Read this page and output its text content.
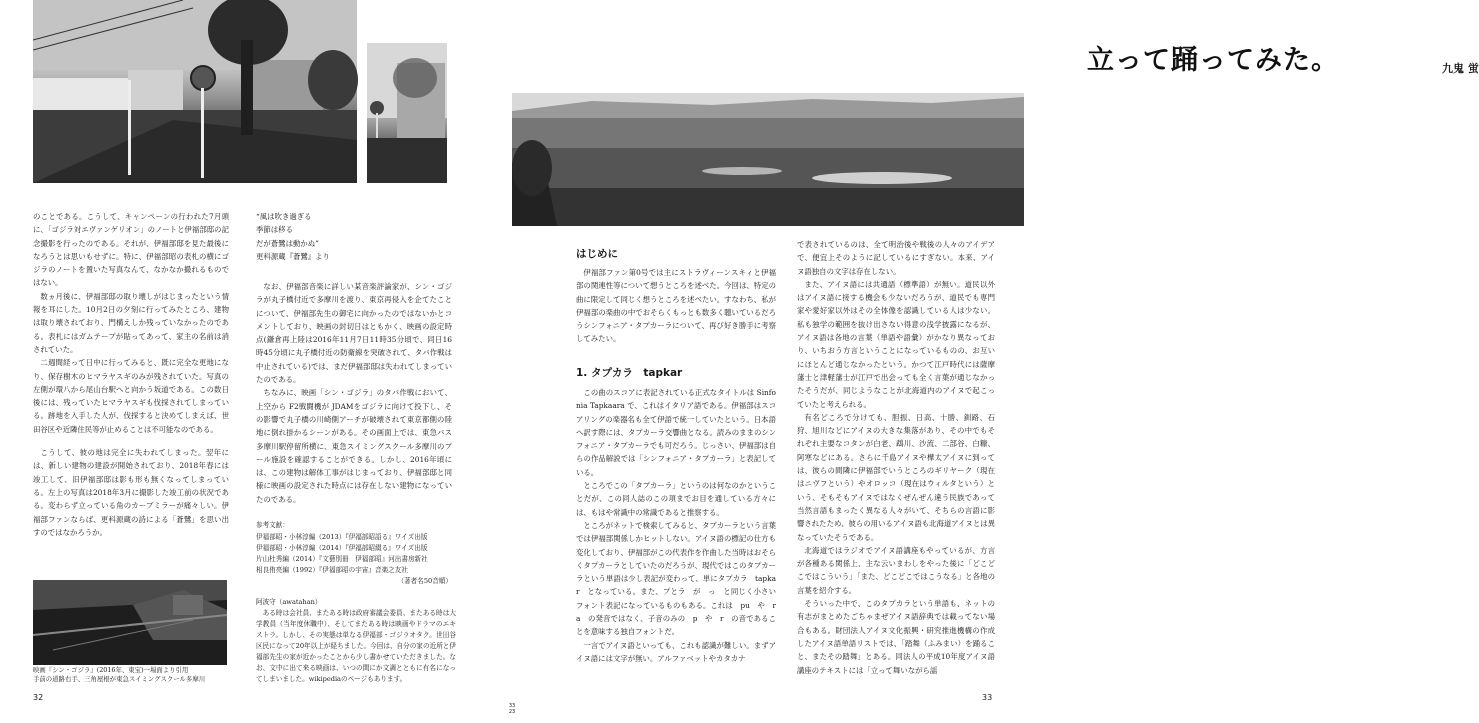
のことである。こうして、キャンペーンの行われた7月頭に、「ゴジラ対エヴァンゲリオン」のノートと伊福部邸の記念撮影を行ったのである。それが、伊福部邸を見た最後になろうとは思いもせずに。特に、伊福部昭の表札の横にゴジラのノートを置いた写真なんて、なかなか撮れるものではない。

数ヵ月後に、伊福部邸の取り壊しがはじまったという情報を耳にした。10月2日の夕刻に行ってみたところ、建物は取り壊されており、門構えしか残っていなかったのである。表札にはガムテープが貼ってあって、家主の名前は消されていた。

二週間経って日中に行ってみると、既に完全な更地になり、保存樹木のヒマラヤスギのみが残されていた。写真の左側が環八から尾山台駅へと向かう坂道である。この数日後には、残っていたヒマラヤスギも伐採されてしまっている。跡地を入手した人が、伐採すると決めてしまえば、世田谷区や近隣住民等が止めることは不可能なのである。

こうして、彼の地は完全に失われてしまった。翌年には、新しい建物の建設が開始されており、2018年春には竣工して、旧伊福部邸は影も形も無くなってしまっている。左上の写真は2018年3月に撮影した竣工前の状況である。変わらず立っている角のカーブミラーが痛々しい。伊福部ファンならば、更科源蔵の詩による「蒼鷺」を思い出すのではなかろうか。

“風は吹き過ぎる
季節は移る
だが蒼鷺は動かぬ”
更科源蔵『蒼鷺』より

なお、伊福部音楽に詳しい某音楽評論家が、シン・ゴジラが丸子橋付近で多摩川を渡り、東京再侵入を企てたことについて、伊福部先生の御宅に向かったのではないかとコメントしており、映画の封切日はともかく、映画の設定時点(鎌倉再上陸は2016年11月7日11時35分頃で、同日16時45分頃に丸子橋付近の防衛線を突破されて、タバ作戦は中止されている)では、まだ伊福部邸は失われてしまっていたのである。

ちなみに、映画「シン・ゴジラ」のタバ作戦において、上空から F2戦闘機が JDAMをゴジラに向けて投下し、その影響で丸子橋の川崎側アーチが破壊されて東京都側の陸地に倒れ掛かるシーンがある。その画面上では、東急バス多摩川駅停留所横に、東急スイミングスクール多摩川のプール施設を確認することができる。しかし、2016年頃には、この建物は解体工事がはじまっており、伊福部邸と同様に映画の設定された時点には存在しない建物になっていたのである。

参考文献：
伊福部昭・小林淳編（2013）『伊福部昭語る』ワイズ出版
伊福部昭・小林淳編（2014）『伊福部昭綴る』ワイズ出版
片山杜秀編（2014）『文藝別冊　伊福部昭』河出書房新社
相良侑亮編（1992）『伊福部昭の宇宙』音楽之友社
（著者名50音順）
阿波守（awatahan）

ある時は会社員、またある時は政府審議会委員、またある時は大学教員（当年度休職中）、そしてまたある時は映画やドラマのエキストラ。しかし、その実態は単なる伊福部・ゴジラオタク。世田谷区民になって20年以上が経ちました。今回は、自分の家の近所と伊福部先生の家が近かったことから少し書かせていただきました。なお、文中に出て来る映画は、いつの間にか文調とともに有名になってしまいました。wikipediaのページもあります。

映画『シン・ゴジラ』(2016年、東宝)一場面より引用
手前の道路右手、三角屋根が東急スイミングスクール多摩川
32
立って踊ってみた。	九鬼 蛍
はじめに

伊福部ファン第0号では主にストラヴィーンスキィと伊福部の関連性等について想うところを述べた。今回は、特定の曲に限定して同じく想うところを述べたい。すなわち、私が伊福部の楽曲の中でおそらくもっとも数多く聴いているだろうシンフォニア・タプカーラについて、再び好き勝手に考察してみたい。

1. タプカラ　tapkar

この曲のスコアに表記されている正式なタイトルは Sinfonia Tapkaara で、これはイタリア語である。伊福部はスコアリングの楽器名も全て伊語で統一していたという。日本語へ訳す際には、タプカーラ交響曲となる。読みのままのシンフォニア・タプカーラでも可だろう。じっさい、伊福部は自らの作品解説では「シンフォニア・タプカーラ」と表記している。

ところでこの「タプカーラ」というのは何なのかということだが、この同人誌のこの項までお目を通している方々には、もはや常識中の常識であると推察する。

ところがネットで検索してみると、タプカーラという言葉では伊福部関係しかヒットしない。アイヌ語の標記の仕方も変化しており、伊福部がこの代表作を作曲した当時はおそらくタプカーラとしていたのだろうが、現代ではこのタプカーラという単語は少し表記が変わって、単にタプカラ　tapkar　となっている。また、プとラ　が　っ　と同じく小さいフォント表記になっているものもある。これは　pu　や　ra　の発音ではなく、子音のみの　p　や　r　の音であることを意味する独自フォントだ。

一言でアイヌ語といっても、これも認識が難しい。まずアイヌ語には文字が無い。アルファベットやカタカナ

で表されているのは、全て明治後や戦後の人々のアイデアで、便宜上そのように記しているにすぎない。本来、アイヌ語独自の文字は存在しない。

また、アイヌ語には共通語（標準語）が無い。道民以外はアイヌ語に接する機会も少ないだろうが、道民でも専門家や愛好家以外はその全体像を認識している人は少ない。私も独学の範囲を抜け出さない得意の浅学披露になるが、アイヌ語は各地の言葉（単語や語彙）がかなり異なっており、いちおう方言ということになっているものの、お互いにほとんど通じなかったという。かつて江戸時代には薩摩藩士と津軽藩士が江戸で出会っても全く言葉が通じなかったそうだが、同じようなことが北海道内のアイヌで起こっていたと考えられる。

有名どころで分けても、胆振、日高、十勝、釧路、石狩、旭川などにアイヌの大きな集落があり、その中でもそれぞれ主要なコタンが白老、鵡川、沙流、二部谷、白糠、阿寒などにある。さらに千島アイヌや樺太アイヌに到っては、彼らの間隣に伊福部でいうところのギリヤーク（現在はニヴフという）やオロッコ（現在はウィルタという）という、そもそもアイヌではなくぜんぜん違う民族であって当然言語もまったく異なる人々がいて、そちらの言語に影響されたため、彼らの用いるアイヌ語も北海道アイヌとは異なっていたそうである。

北海道ではラジオでアイヌ語講座もやっているが、方言が各種ある関係上、主な云いまわしをやった後に「どこどこではこういう」「また、どこどこではこうなる」と各地の言葉を紹介する。

そういった中で、このタプカラという単語も、ネットの有志がまとめたごちゃまぜアイヌ語辞典では載ってない場合もある。財団法人アイヌ文化振興・研究推進機構の作成したアイヌ語単語リストでは、「踏舞（ふみまい）を踊ること、またその踏舞」とある。同法人の平成10年度アイヌ語講座のテキストには「立って舞いながら謡

33
33
23
